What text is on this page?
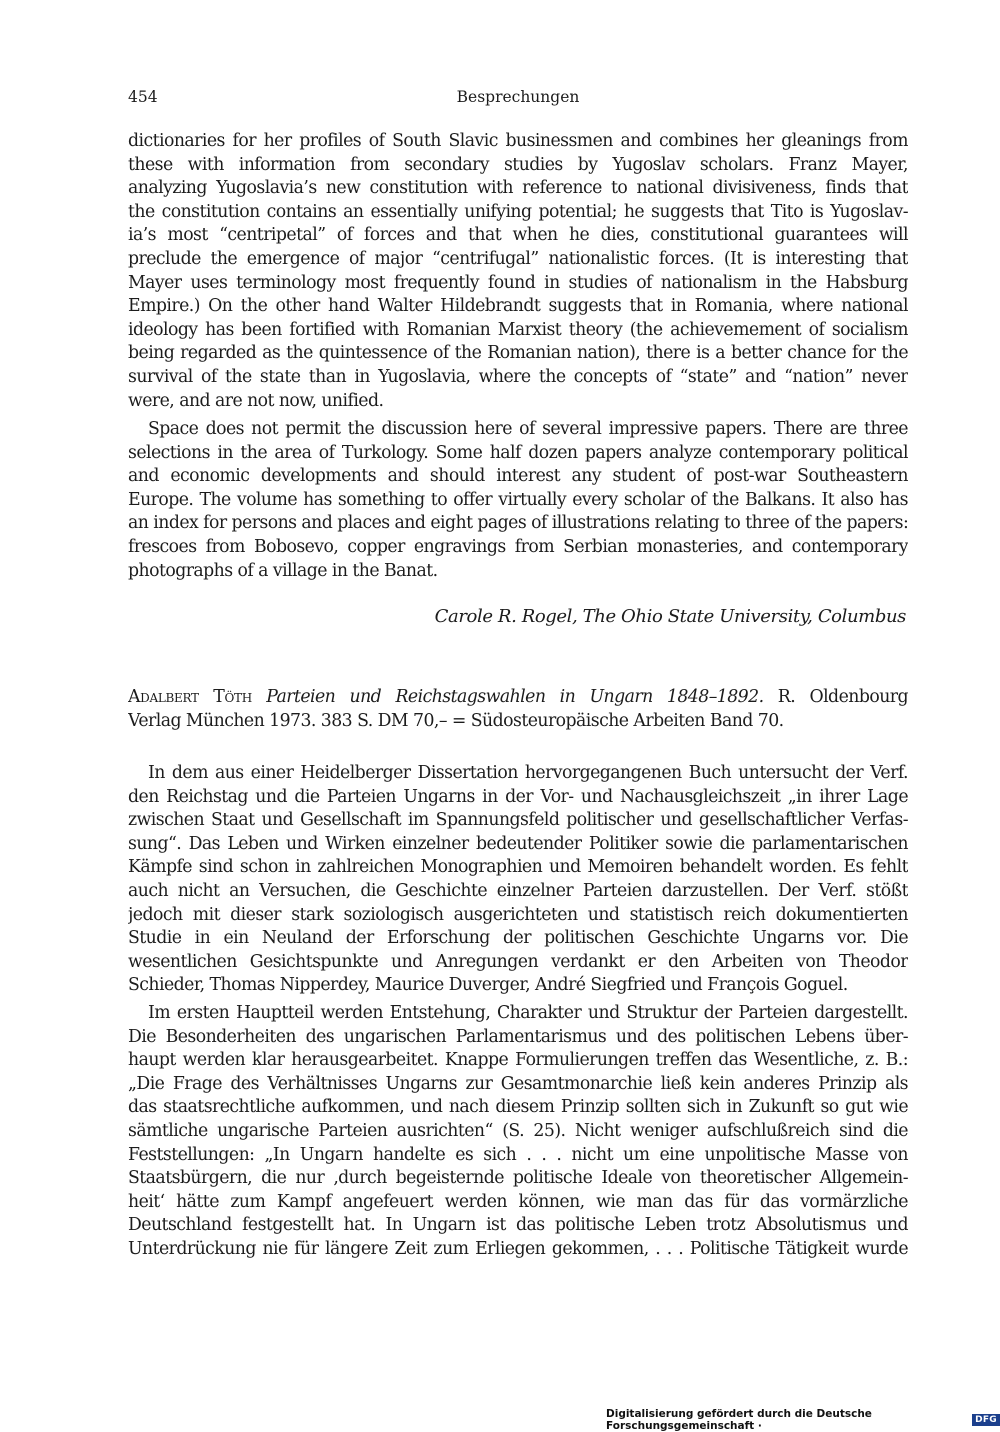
454	Besprechungen
dictionaries for her profiles of South Slavic businessmen and combines her gleanings from
these with information from secondary studies by Yugoslav scholars. Franz Mayer,
analyzing Yugoslavia’s new constitution with reference to national divisiveness, finds that
the constitution contains an essentially unifying potential; he suggests that Tito is Yugoslav-
ia’s most “centripetal” of forces and that when he dies, constitutional guarantees will
preclude the emergence of major “centrifugal” nationalistic forces. (It is interesting that
Mayer uses terminology most frequently found in studies of nationalism in the Habsburg
Empire.) On the other hand Walter Hildebrandt suggests that in Romania, where national
ideology has been fortified with Romanian Marxist theory (the achievemement of socialism
being regarded as the quintessence of the Romanian nation), there is a better chance for the
survival of the state than in Yugoslavia, where the concepts of “state” and “nation” never
were, and are not now, unified.
Space does not permit the discussion here of several impressive papers. There are three
selections in the area of Turkology. Some half dozen papers analyze contemporary political
and economic developments and should interest any student of post-war Southeastern
Europe. The volume has something to offer virtually every scholar of the Balkans. It also has
an index for persons and places and eight pages of illustrations relating to three of the papers:
frescoes from Bobosevo, copper engravings from Serbian monasteries, and contemporary
photographs of a village in the Banat.
Carole R. Rogel, The Ohio State University, Columbus
Adalbert Töth Parteien und Reichstagswahlen in Ungarn 1848–1892. R. Oldenbourg
Verlag München 1973. 383 S. DM 70,– = Südosteuropäische Arbeiten Band 70.
In dem aus einer Heidelberger Dissertation hervorgegangenen Buch untersucht der Verf.
den Reichstag und die Parteien Ungarns in der Vor- und Nachausgleichszeit „in ihrer Lage
zwischen Staat und Gesellschaft im Spannungsfeld politischer und gesellschaftlicher Verfas-
sung“. Das Leben und Wirken einzelner bedeutender Politiker sowie die parlamentarischen
Kämpfe sind schon in zahlreichen Monographien und Memoiren behandelt worden. Es fehlt
auch nicht an Versuchen, die Geschichte einzelner Parteien darzustellen. Der Verf. stößt
jedoch mit dieser stark soziologisch ausgerichteten und statistisch reich dokumentierten
Studie in ein Neuland der Erforschung der politischen Geschichte Ungarns vor. Die
wesentlichen Gesichtspunkte und Anregungen verdankt er den Arbeiten von Theodor
Schieder, Thomas Nipperdey, Maurice Duverger, André Siegfried und François Goguel.
Im ersten Hauptteil werden Entstehung, Charakter und Struktur der Parteien dargestellt.
Die Besonderheiten des ungarischen Parlamentarismus und des politischen Lebens über-
haupt werden klar herausgearbeitet. Knappe Formulierungen treffen das Wesentliche, z. B.:
„Die Frage des Verhältnisses Ungarns zur Gesamtmonarchie ließ kein anderes Prinzip als
das staatsrechtliche aufkommen, und nach diesem Prinzip sollten sich in Zukunft so gut wie
sämtliche ungarische Parteien ausrichten“ (S. 25). Nicht weniger aufschlußreich sind die
Feststellungen: „In Ungarn handelte es sich . . . nicht um eine unpolitische Masse von
Staatsbürgern, die nur ‚durch begeisternde politische Ideale von theoretischer Allgemein-
heit‘ hätte zum Kampf angefeuert werden können, wie man das für das vormärzliche
Deutschland festgestellt hat. In Ungarn ist das politische Leben trotz Absolutismus und
Unterdrückung nie für längere Zeit zum Erliegen gekommen, . . . Politische Tätigkeit wurde
Digitalisierung gefördert durch die Deutsche Forschungsgemeinschaft ·	DFG
